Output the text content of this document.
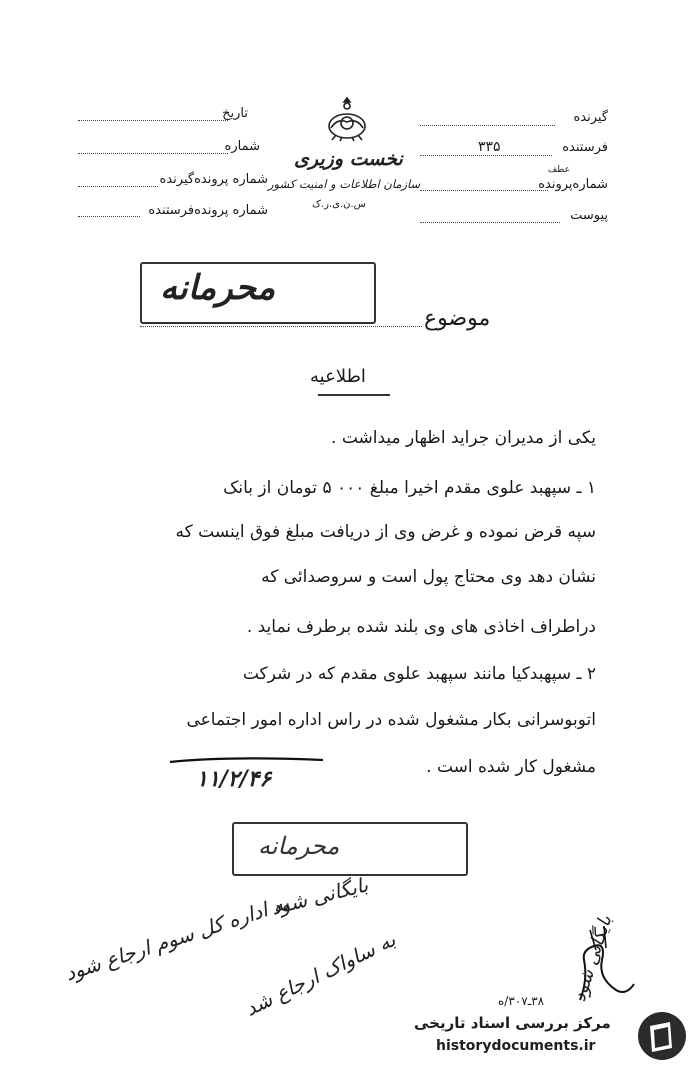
گیرنده
فرستنده
۳۳۵
عطف
شماره‌پرونده
پیوست
نخست وزیری
سازمان اطلاعات و امنیت کشور
س.ن.ی.ر.ک
تاریخ
شماره
شماره پرونده‌گیرنده
شماره پرونده‌فرستنده
محرمانه
موضوع
اطلاعیه
یکی از مدیران جراید اظهار میداشت .
۱ ـ سپهبد علوی مقدم اخیرا مبلغ ۰۰۰ ۵ تومان از بانک
سپه قرض نموده و غرض وی از دریافت مبلغ فوق اینست که
نشان دهد وی محتاج پول است و سروصدائی که
دراطراف اخاذی های وی بلند شده برطرف نماید .
۲ ـ سپهبدکیا مانند سپهبد علوی مقدم که در شرکت
اتوبوسرانی بکار مشغول شده در راس اداره امور اجتماعی
مشغول کار شده است .
۱۱/۲/۴۶
محرمانه
بایگانی شود
به اداره کل سوم ارجاع شود
به ساواک ارجاع شد	بایگانی شود
۳۸ـ۳۰۷/ه
مرکز بررسی اسناد تاریخی
historydocuments.ir
